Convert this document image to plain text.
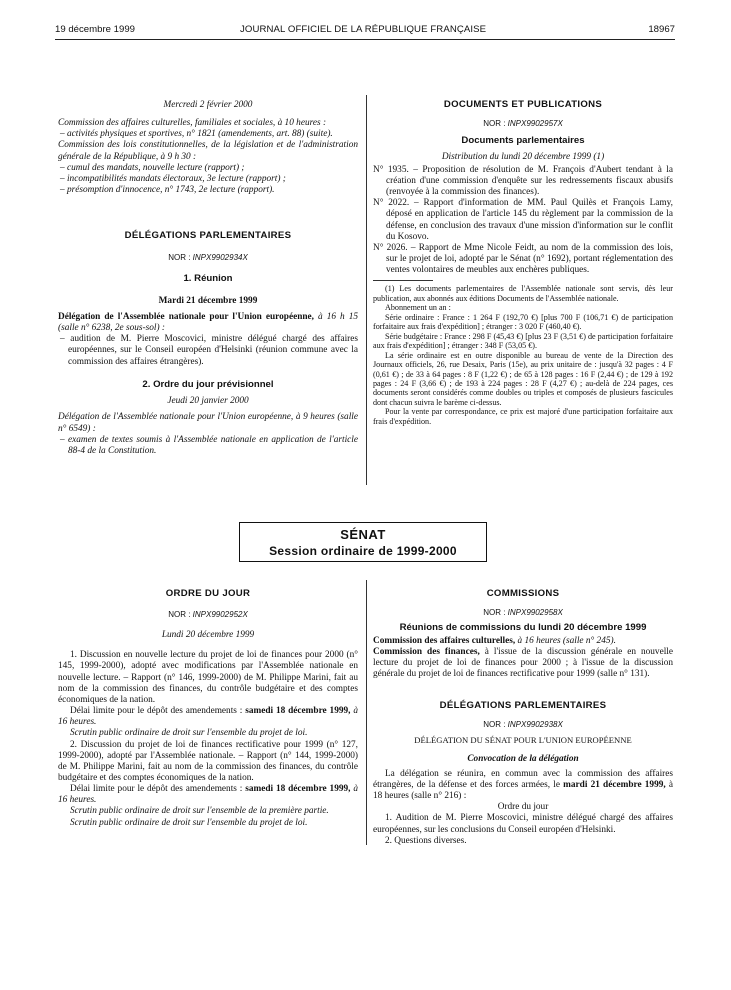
19 décembre 1999	JOURNAL OFFICIEL DE LA RÉPUBLIQUE FRANÇAISE	18967

Mercredi 2 février 2000

Commission des affaires culturelles, familiales et sociales, à 10 heures :

– activités physiques et sportives, n° 1821 (amendements, art. 88) (suite).

Commission des lois constitutionnelles, de la législation et de l'administration générale de la République, à 9 h 30 :

– cumul des mandats, nouvelle lecture (rapport) ;

– incompatibilités mandats électoraux, 3e lecture (rapport) ;

– présomption d'innocence, n° 1743, 2e lecture (rapport).

DÉLÉGATIONS PARLEMENTAIRES

NOR : INPX9902934X

1. Réunion

Mardi 21 décembre 1999

Délégation de l'Assemblée nationale pour l'Union européenne, à 16 h 15 (salle n° 6238, 2e sous-sol) :

– audition de M. Pierre Moscovici, ministre délégué chargé des affaires européennes, sur le Conseil européen d'Helsinki (réunion commune avec la commission des affaires étrangères).

2. Ordre du jour prévisionnel

Jeudi 20 janvier 2000

Délégation de l'Assemblée nationale pour l'Union européenne, à 9 heures (salle n° 6549) :

– examen de textes soumis à l'Assemblée nationale en application de l'article 88-4 de la Constitution.

DOCUMENTS ET PUBLICATIONS

NOR : INPX9902957X

Documents parlementaires

Distribution du lundi 20 décembre 1999 (1)

N° 1935. – Proposition de résolution de M. François d'Aubert tendant à la création d'une commission d'enquête sur les redressements fiscaux abusifs (renvoyée à la commission des finances).

N° 2022. – Rapport d'information de MM. Paul Quilès et François Lamy, déposé en application de l'article 145 du règlement par la commission de la défense, en conclusion des travaux d'une mission d'information sur le conflit du Kosovo.

N° 2026. – Rapport de Mme Nicole Feidt, au nom de la commission des lois, sur le projet de loi, adopté par le Sénat (n° 1692), portant réglementation des ventes volontaires de meubles aux enchères publiques.

(1) Les documents parlementaires de l'Assemblée nationale sont servis, dès leur publication, aux abonnés aux éditions Documents de l'Assemblée nationale.

Abonnement un an :

Série ordinaire : France : 1 264 F (192,70 €) [plus 700 F (106,71 €) de participation forfaitaire aux frais d'expédition] ; étranger : 3 020 F (460,40 €).

Série budgétaire : France : 298 F (45,43 €) [plus 23 F (3,51 €) de participation forfaitaire aux frais d'expédition] ; étranger : 348 F (53,05 €).

La série ordinaire est en outre disponible au bureau de vente de la Direction des Journaux officiels, 26, rue Desaix, Paris (15e), au prix unitaire de : jusqu'à 32 pages : 4 F (0,61 €) ; de 33 à 64 pages : 8 F (1,22 €) ; de 65 à 128 pages : 16 F (2,44 €) ; de 129 à 192 pages : 24 F (3,66 €) ; de 193 à 224 pages : 28 F (4,27 €) ; au-delà de 224 pages, ces documents seront considérés comme doubles ou triples et composés de plusieurs fascicules dont chacun suivra le barème ci-dessus.

Pour la vente par correspondance, ce prix est majoré d'une participation forfaitaire aux frais d'expédition.

SÉNAT
Session ordinaire de 1999-2000

ORDRE DU JOUR

NOR : INPX9902952X

Lundi 20 décembre 1999

1. Discussion en nouvelle lecture du projet de loi de finances pour 2000 (n° 145, 1999-2000), adopté avec modifications par l'Assemblée nationale en nouvelle lecture. – Rapport (n° 146, 1999-2000) de M. Philippe Marini, fait au nom de la commission des finances, du contrôle budgétaire et des comptes économiques de la nation.

Délai limite pour le dépôt des amendements : samedi 18 décembre 1999, à 16 heures.

Scrutin public ordinaire de droit sur l'ensemble du projet de loi.

2. Discussion du projet de loi de finances rectificative pour 1999 (n° 127, 1999-2000), adopté par l'Assemblée nationale. – Rapport (n° 144, 1999-2000) de M. Philippe Marini, fait au nom de la commission des finances, du contrôle budgétaire et des comptes économiques de la nation.

Délai limite pour le dépôt des amendements : samedi 18 décembre 1999, à 16 heures.

Scrutin public ordinaire de droit sur l'ensemble de la première partie.

Scrutin public ordinaire de droit sur l'ensemble du projet de loi.

COMMISSIONS

NOR : INPX9902958X

Réunions de commissions du lundi 20 décembre 1999

Commission des affaires culturelles, à 16 heures (salle n° 245).

Commission des finances, à l'issue de la discussion générale en nouvelle lecture du projet de loi de finances pour 2000 ; à l'issue de la discussion générale du projet de loi de finances rectificative pour 1999 (salle n° 131).

DÉLÉGATIONS PARLEMENTAIRES

NOR : INPX9902938X

DÉLÉGATION DU SÉNAT POUR L'UNION EUROPÉENNE

Convocation de la délégation

La délégation se réunira, en commun avec la commission des affaires étrangères, de la défense et des forces armées, le mardi 21 décembre 1999, à 18 heures (salle n° 216) :

Ordre du jour

1. Audition de M. Pierre Moscovici, ministre délégué chargé des affaires européennes, sur les conclusions du Conseil européen d'Helsinki.

2. Questions diverses.
